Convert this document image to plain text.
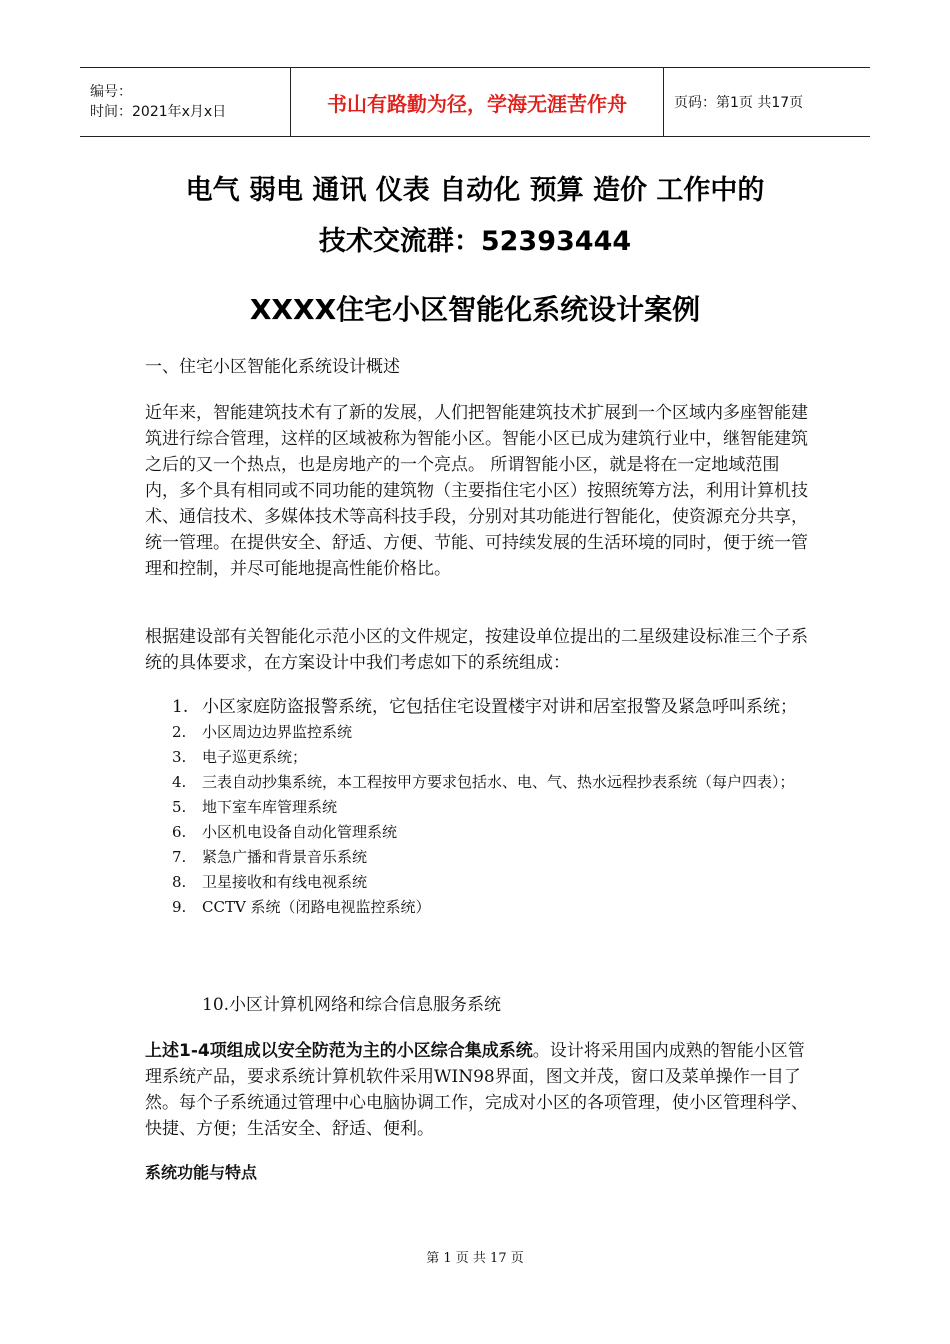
编号：
时间：2021年x月x日	书山有路勤为径，学海无涯苦作舟	页码：第1页 共17页
电气 弱电 通讯 仪表 自动化 预算 造价 工作中的
技术交流群：52393444
XXXX住宅小区智能化系统设计案例
一、住宅小区智能化系统设计概述
近年来，智能建筑技术有了新的发展，人们把智能建筑技术扩展到一个区域内多座智能建筑进行综合管理，这样的区域被称为智能小区。智能小区已成为建筑行业中，继智能建筑之后的又一个热点，也是房地产的一个亮点。 所谓智能小区，就是将在一定地域范围内，多个具有相同或不同功能的建筑物（主要指住宅小区）按照统筹方法，利用计算机技术、通信技术、多媒体技术等高科技手段，分别对其功能进行智能化，使资源充分共享，统一管理。在提供安全、舒适、方便、节能、可持续发展的生活环境的同时，便于统一管理和控制，并尽可能地提高性能价格比。
根据建设部有关智能化示范小区的文件规定，按建设单位提出的二星级建设标准三个子系统的具体要求，在方案设计中我们考虑如下的系统组成：
1. 小区家庭防盗报警系统，它包括住宅设置楼宇对讲和居室报警及紧急呼叫系统；
2.	小区周边边界监控系统
3.	电子巡更系统；
4.	三表自动抄集系统，本工程按甲方要求包括水、电、气、热水远程抄表系统（每户四表）；
5.	地下室车库管理系统
6.	小区机电设备自动化管理系统
7.	紧急广播和背景音乐系统
8.	卫星接收和有线电视系统
9.	CCTV 系统（闭路电视监控系统）
10.小区计算机网络和综合信息服务系统
上述1-4项组成以安全防范为主的小区综合集成系统。设计将采用国内成熟的智能小区管理系统产品，要求系统计算机软件采用WIN98界面，图文并茂，窗口及菜单操作一目了然。每个子系统通过管理中心电脑协调工作，完成对小区的各项管理，使小区管理科学、快捷、方便；生活安全、舒适、便利。
系统功能与特点
第 1 页 共 17 页
